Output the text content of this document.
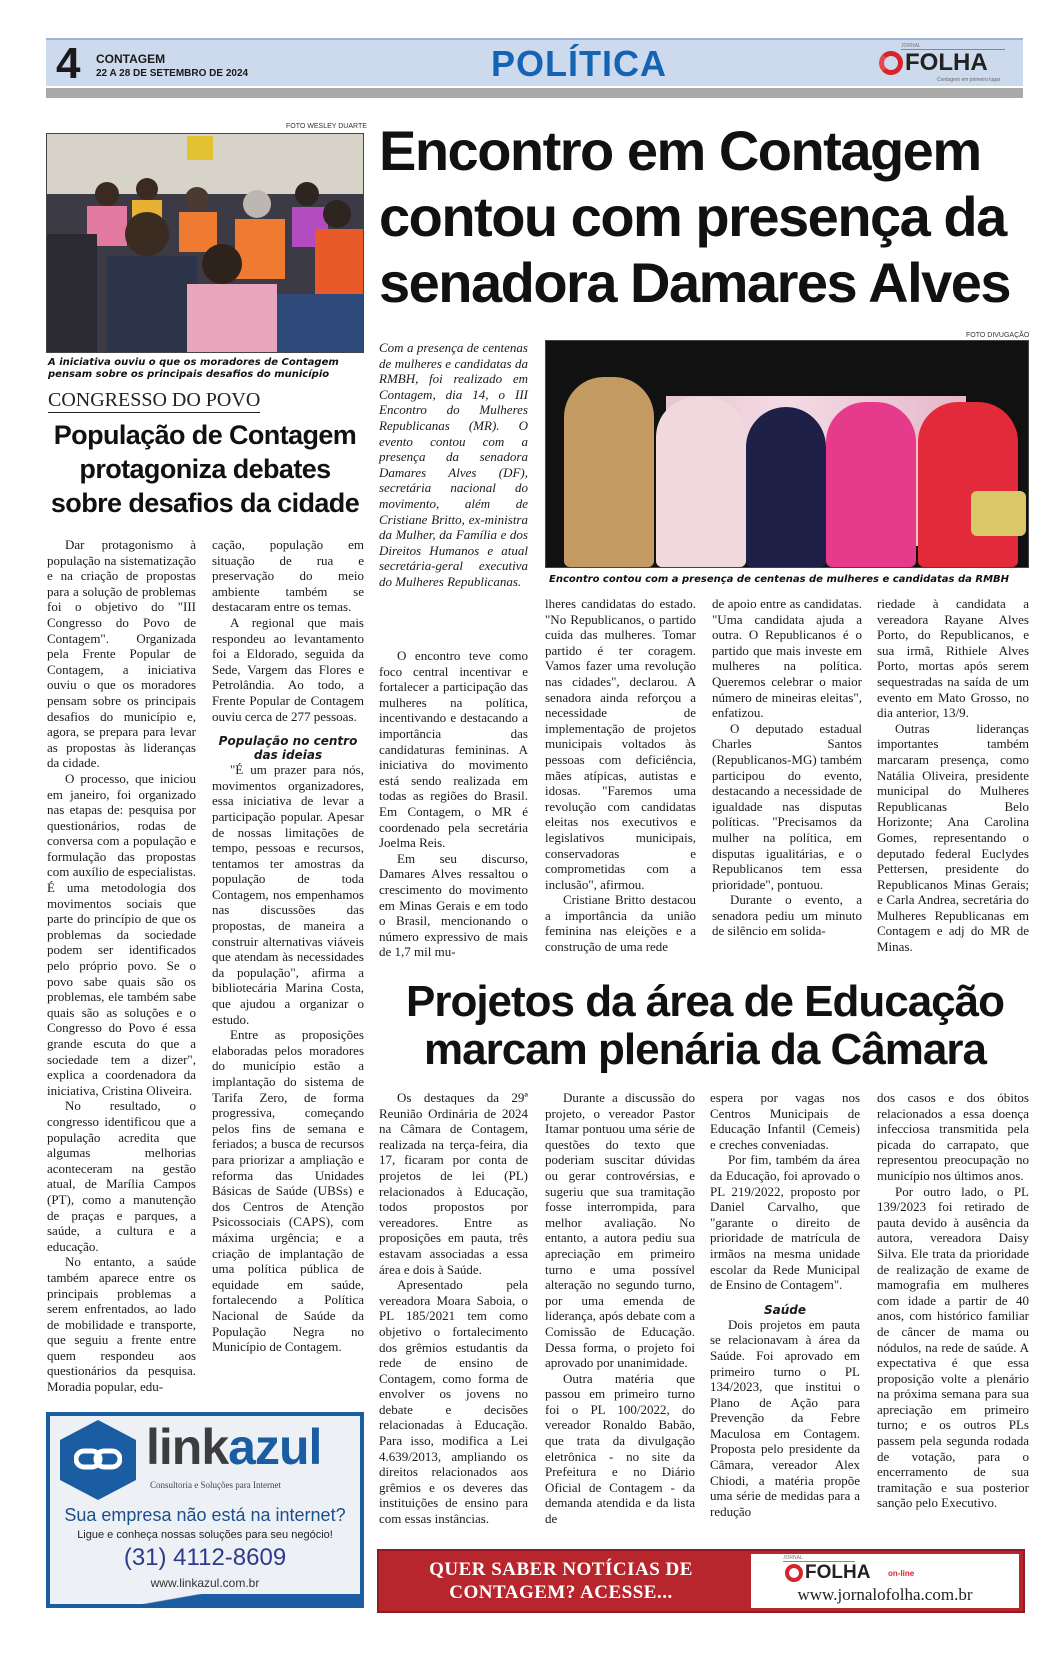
4 CONTAGEM
22 A 28 DE SETEMBRO DE 2024	POLÍTICA	JORNAL
FOLHA
Contagem em primeiro lugar
FOTO WESLEY DUARTE
A iniciativa ouviu o que os moradores de Contagem pensam sobre os principais desafios do município
CONGRESSO DO POVO
População de Contagem protagoniza debates sobre desafios da cidade

Dar protagonismo à população na sistematização e na criação de propostas para a solução de problemas foi o objetivo do "III Congresso do Povo de Contagem". Organizada pela Frente Popular de Contagem, a iniciativa ouviu o que os moradores pensam sobre os principais desafios do município e, agora, se prepara para levar as propostas às lideranças da cidade.

O processo, que iniciou em janeiro, foi organizado nas etapas de: pesquisa por questionários, rodas de conversa com a população e formulação das propostas com auxílio de especialistas. É uma metodologia dos movimentos sociais que parte do princípio de que os problemas da sociedade podem ser identificados pelo próprio povo. Se o povo sabe quais são os problemas, ele também sabe quais são as soluções e o Congresso do Povo é essa grande escuta do que a sociedade tem a dizer", explica a coordenadora da iniciativa, Cristina Oliveira.

No resultado, o congresso identificou que a população acredita que algumas melhorias aconteceram na gestão atual, de Marília Campos (PT), como a manutenção de praças e parques, a saúde, a cultura e a educação.

No entanto, a saúde também aparece entre os principais problemas a serem enfrentados, ao lado de mobilidade e transporte, que seguiu a frente entre quem respondeu aos questionários da pesquisa. Moradia popular, edu-

cação, população em situação de rua e preservação do meio ambiente também se destacaram entre os temas.

A regional que mais respondeu ao levantamento foi a Eldorado, seguida da Sede, Vargem das Flores e Petrolândia. Ao todo, a Frente Popular de Contagem ouviu cerca de 277 pessoas.

População no centro das ideias

"É um prazer para nós, movimentos organizadores, essa iniciativa de levar a participação popular. Apesar de nossas limitações de tempo, pessoas e recursos, tentamos ter amostras da população de toda Contagem, nos empenhamos nas discussões das propostas, de maneira a construir alternativas viáveis que atendam às necessidades da população", afirma a bibliotecária Marina Costa, que ajudou a organizar o estudo.

Entre as proposições elaboradas pelos moradores do município estão a implantação do sistema de Tarifa Zero, de forma progressiva, começando pelos fins de semana e feriados; a busca de recursos para priorizar a ampliação e reforma das Unidades Básicas de Saúde (UBSs) e dos Centros de Atenção Psicossociais (CAPS), com máxima urgência; e a criação de implantação de uma política pública de equidade em saúde, fortalecendo a Política Nacional de Saúde da População Negra no Município de Contagem.

Encontro em Contagem
contou com presença da
senadora Damares Alves
Com a presença de centenas de mulheres e candidatas da RMBH, foi realizado em Contagem, dia 14, o III Encontro do Mulheres Republicanas (MR). O evento contou com a presença da senadora Damares Alves (DF), secretária nacional do movimento, além de Cristiane Britto, ex-ministra da Mulher, da Família e dos Direitos Humanos e atual secretária-geral executiva do Mulheres Republicanas.
FOTO DIVUGAÇÃO
Encontro contou com a presença de centenas de mulheres e candidatas da RMBH

O encontro teve como foco central incentivar e fortalecer a participação das mulheres na política, incentivando e destacando a importância das candidaturas femininas. A iniciativa do movimento está sendo realizada em todas as regiões do Brasil. Em Contagem, o MR é coordenado pela secretária Joelma Reis.

Em seu discurso, Damares Alves ressaltou o crescimento do movimento em Minas Gerais e em todo o Brasil, mencionando o número expressivo de mais de 1,7 mil mu-

lheres candidatas do estado. "No Republicanos, o partido cuida das mulheres. Tomar partido é ter coragem. Vamos fazer uma revolução nas cidades", declarou. A senadora ainda reforçou a necessidade de implementação de projetos municipais voltados às pessoas com deficiência, mães atípicas, autistas e idosas. "Faremos uma revolução com candidatas eleitas nos executivos e legislativos municipais, conservadoras e comprometidas com a inclusão", afirmou.

Cristiane Britto destacou a importância da união feminina nas eleições e a construção de uma rede

de apoio entre as candidatas. "Uma candidata ajuda a outra. O Republicanos é o partido que mais investe em mulheres na política. Queremos celebrar o maior número de mineiras eleitas", enfatizou.

O deputado estadual Charles Santos (Republicanos-MG) também participou do evento, destacando a necessidade de igualdade nas disputas políticas. "Precisamos da mulher na política, em disputas igualitárias, e o Republicanos tem essa prioridade", pontuou.

Durante o evento, a senadora pediu um minuto de silêncio em solida-

riedade à candidata a vereadora Rayane Alves Porto, do Republicanos, e sua irmã, Rithiele Alves Porto, mortas após serem sequestradas na saída de um evento em Mato Grosso, no dia anterior, 13/9.

Outras lideranças importantes também marcaram presença, como Natália Oliveira, presidente municipal do Mulheres Republicanas Belo Horizonte; Ana Carolina Gomes, representando o deputado federal Euclydes Pettersen, presidente do Republicanos Minas Gerais; e Carla Andrea, secretária do Mulheres Republicanas em Contagem e adj do MR de Minas.

Projetos da área de Educação
marcam plenária da Câmara

Os destaques da 29ª Reunião Ordinária de 2024 na Câmara de Contagem, realizada na terça-feira, dia 17, ficaram por conta de projetos de lei (PL) relacionados à Educação, todos propostos por vereadores. Entre as proposições em pauta, três estavam associadas a essa área e dois à Saúde.

Apresentado pela vereadora Moara Saboia, o PL 185/2021 tem como objetivo o fortalecimento dos grêmios estudantis da rede de ensino de Contagem, como forma de envolver os jovens no debate e decisões relacionadas à Educação. Para isso, modifica a Lei 4.639/2013, ampliando os direitos relacionados aos grêmios e os deveres das instituições de ensino para com essas instâncias.

Durante a discussão do projeto, o vereador Pastor Itamar pontuou uma série de questões do texto que poderiam suscitar dúvidas ou gerar controvérsias, e sugeriu que sua tramitação fosse interrompida, para melhor avaliação. No entanto, a autora pediu sua apreciação em primeiro turno e uma possível alteração no segundo turno, por uma emenda de liderança, após debate com a Comissão de Educação. Dessa forma, o projeto foi aprovado por unanimidade.

Outra matéria que passou em primeiro turno foi o PL 100/2022, do vereador Ronaldo Babão, que trata da divulgação eletrônica - no site da Prefeitura e no Diário Oficial de Contagem - da demanda atendida e da lista de

espera por vagas nos Centros Municipais de Educação Infantil (Cemeis) e creches conveniadas.

Por fim, também da área da Educação, foi aprovado o PL 219/2022, proposto por Daniel Carvalho, que "garante o direito de prioridade de matrícula de irmãos na mesma unidade escolar da Rede Municipal de Ensino de Contagem".

Saúde

Dois projetos em pauta se relacionavam à área da Saúde. Foi aprovado em primeiro turno o PL 134/2023, que institui o Plano de Ação para Prevenção da Febre Maculosa em Contagem. Proposta pelo presidente da Câmara, vereador Alex Chiodi, a matéria propõe uma série de medidas para a redução

dos casos e dos óbitos relacionados a essa doença infecciosa transmitida pela picada do carrapato, que representou preocupação no município nos últimos anos.

Por outro lado, o PL 139/2023 foi retirado de pauta devido à ausência da autora, vereadora Daisy Silva. Ele trata da prioridade de realização de exame de mamografia em mulheres com idade a partir de 40 anos, com histórico familiar de câncer de mama ou nódulos, na rede de saúde. A expectativa é que essa proposição volte a plenário na próxima semana para sua apreciação em primeiro turno; e os outros PLs passem pela segunda rodada de votação, para o encerramento de sua tramitação e sua posterior sanção pelo Executivo.

linkazul
Consultoria e Soluções para Internet
Sua empresa não está na internet?
Ligue e conheça nossas soluções para seu negócio!
(31) 4112-8609
www.linkazul.com.br
QUER SABER NOTÍCIAS DE CONTAGEM? ACESSE...
JORNAL
FOLHA on-line
www.jornalofolha.com.br
